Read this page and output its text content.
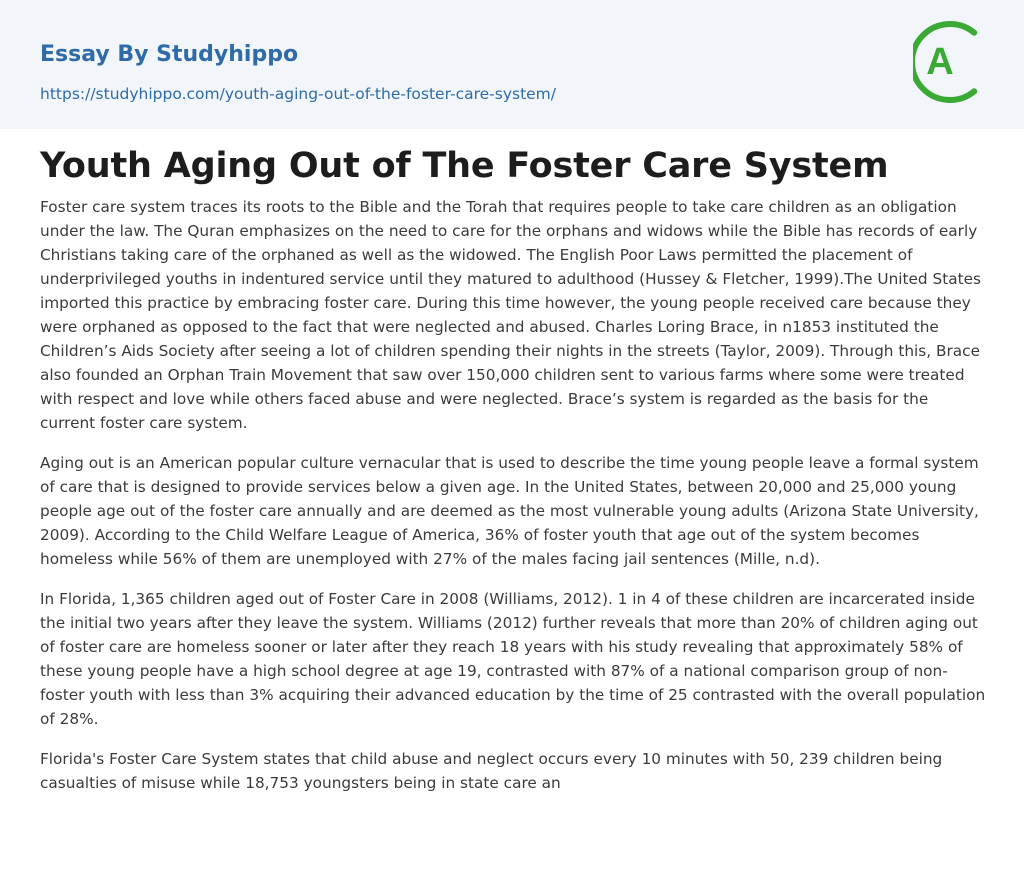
Essay By Studyhippo
https://studyhippo.com/youth-aging-out-of-the-foster-care-system/
A
Youth Aging Out of The Foster Care System

Foster care system traces its roots to the Bible and the Torah that requires people to take care children as an obligation under the law. The Quran emphasizes on the need to care for the orphans and widows while the Bible has records of early Christians taking care of the orphaned as well as the widowed. The English Poor Laws permitted the placement of underprivileged youths in indentured service until they matured to adulthood (Hussey & Fletcher, 1999).The United States imported this practice by embracing foster care. During this time however, the young people received care because they were orphaned as opposed to the fact that were neglected and abused. Charles Loring Brace, in n1853 instituted the Children’s Aids Society after seeing a lot of children spending their nights in the streets (Taylor, 2009). Through this, Brace also founded an Orphan Train Movement that saw over 150,000 children sent to various farms where some were treated with respect and love while others faced abuse and were neglected. Brace’s system is regarded as the basis for the current foster care system.

Aging out is an American popular culture vernacular that is used to describe the time young people leave a formal system of care that is designed to provide services below a given age. In the United States, between 20,000 and 25,000 young people age out of the foster care annually and are deemed as the most vulnerable young adults (Arizona State University, 2009). According to the Child Welfare League of America, 36% of foster youth that age out of the system becomes homeless while 56% of them are unemployed with 27% of the males facing jail sentences (Mille, n.d).

In Florida, 1,365 children aged out of Foster Care in 2008 (Williams, 2012). 1 in 4 of these children are incarcerated inside the initial two years after they leave the system. Williams (2012) further reveals that more than 20% of children aging out of foster care are homeless sooner or later after they reach 18 years with his study revealing that approximately 58% of these young people have a high school degree at age 19, contrasted with 87% of a national comparison group of non-foster youth with less than 3% acquiring their advanced education by the time of 25 contrasted with the overall population of 28%.

Florida's Foster Care System states that child abuse and neglect occurs every 10 minutes with 50, 239 children being casualties of misuse while 18,753 youngsters being in state care an
